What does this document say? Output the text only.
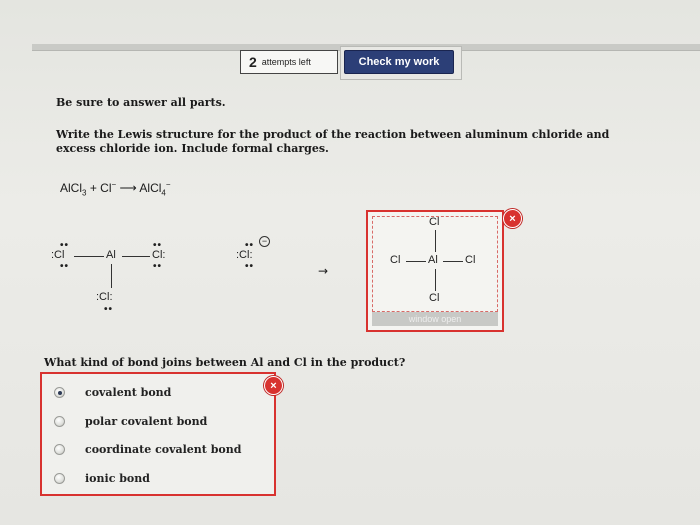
2 attempts left	Check my work
Be sure to answer all parts.
Write the Lewis structure for the product of the reaction between aluminum chloride and excess chloride ion. Include formal charges.
AlCl$_3$ + Cl− ⟶ AlCl$_4$−
••
:Cl
••
Al
••
Cl:
••
:Cl:
••
••
:Cl:
••
−
→
Cl
Cl	Al Cl
Cl
window open
×
What kind of bond joins between Al and Cl in the product?
covalent bond
polar covalent bond
coordinate covalent bond
ionic bond
×
